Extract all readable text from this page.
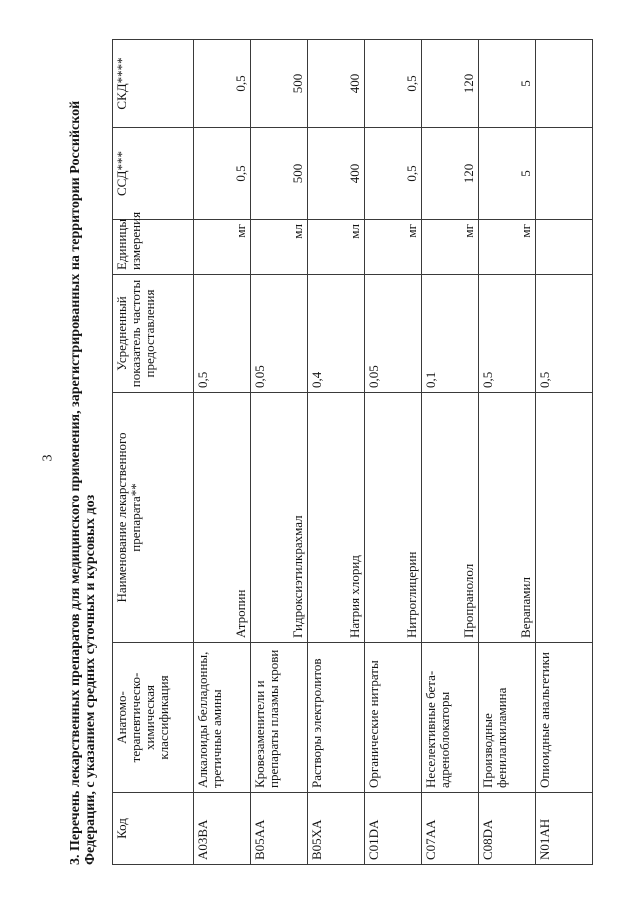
3 3. Перечень лекарственных препаратов для медицинского применения, зарегистрированных на территории Российской Федерации, с указанием средних суточных и курсовых доз Код	Анатомо-терапевтическо-химическая классификация	Наименование лекарственного препарата**	Усредненный показатель частоты предоставления	Единицы измерения	ССД***	СКД****
A03BA	Алкалоиды белладонны, третичные амины	Атропин	0,5	мг	0,5	0,5
B05AA	Кровезаменители и препараты плазмы крови	Гидроксиэтилкрахмал	0,05	мл	500	500
B05XA	Растворы электролитов	Натрия хлорид	0,4	мл	400	400
C01DA	Органические нитраты	Нитроглицерин	0,05	мг	0,5	0,5
C07AA	Неселективные бета-адреноблокаторы	Пропранолол	0,1	мг	120	120
C08DA	Производные фенилалкиламина	Верапамил	0,5	мг	5	5
N01AH	Опиоидные анальгетики		0,5			
